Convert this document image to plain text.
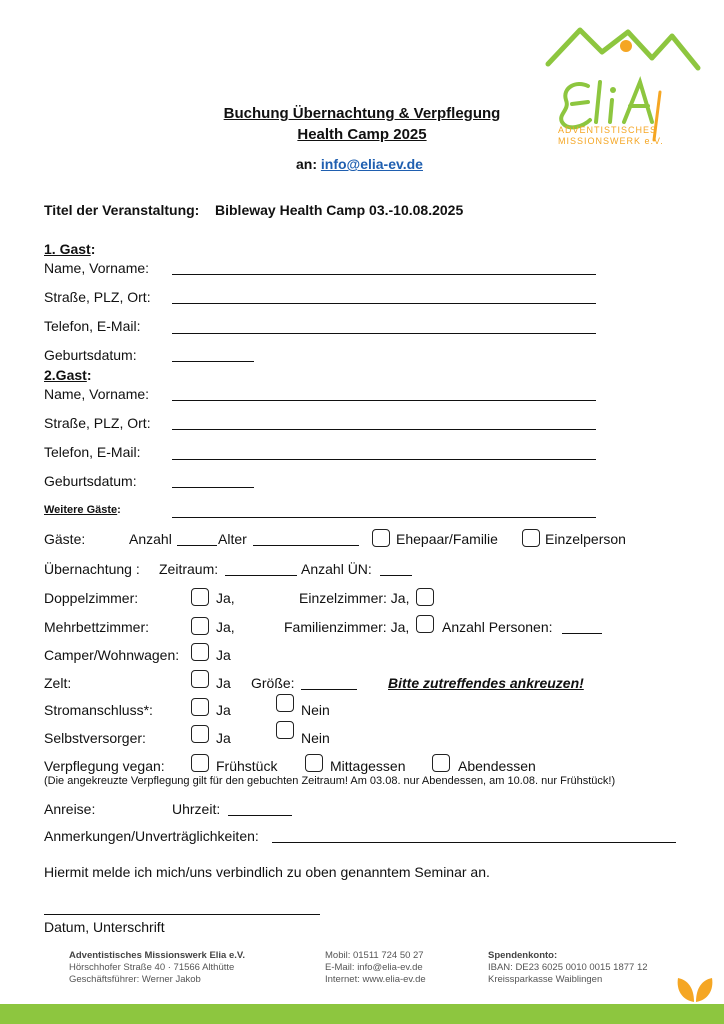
ADVENTISTISCHES
MISSIONSWERK e.V.
Buchung Übernachtung & Verpflegung
Health Camp 2025
an: info@elia-ev.de
Titel der Veranstaltung: Bibleway Health Camp 03.-10.08.2025
1. Gast:
Name, Vorname:
Straße, PLZ, Ort:
Telefon, E-Mail:
Geburtsdatum:
2.Gast:
Name, Vorname:
Straße, PLZ, Ort:
Telefon, E-Mail:
Geburtsdatum:
Weitere Gäste:
Gäste:	Anzahl	Alter	Ehepaar/Familie	Einzelperson
Übernachtung : Zeitraum:	Anzahl ÜN:
Doppelzimmer:	Ja,	Einzelzimmer: Ja,
Mehrbettzimmer:	Ja,	Familienzimmer: Ja, Anzahl Personen:
Camper/Wohnwagen:	Ja
Zelt:	Ja Größe:	Bitte zutreffendes ankreuzen!
Stromanschluss*:	Ja	Nein
Selbstversorger:	Ja	Nein
Verpflegung vegan:	Frühstück	Mittagessen	Abendessen
(Die angekreuzte Verpflegung gilt für den gebuchten Zeitraum! Am 03.08. nur Abendessen, am 10.08. nur Frühstück!)
Anreise:	Uhrzeit:
Anmerkungen/Unverträglichkeiten:
Hiermit melde ich mich/uns verbindlich zu oben genanntem Seminar an.
Datum, Unterschrift
Adventistisches Missionswerk Elia e.V.
Hörschhofer Straße 40 · 71566 Althütte
Geschäftsführer: Werner Jakob
Mobil: 01511 724 50 27
E-Mail: info@elia-ev.de
Internet: www.elia-ev.de
Spendenkonto:
IBAN: DE23 6025 0010 0015 1877 12
Kreissparkasse Waiblingen
